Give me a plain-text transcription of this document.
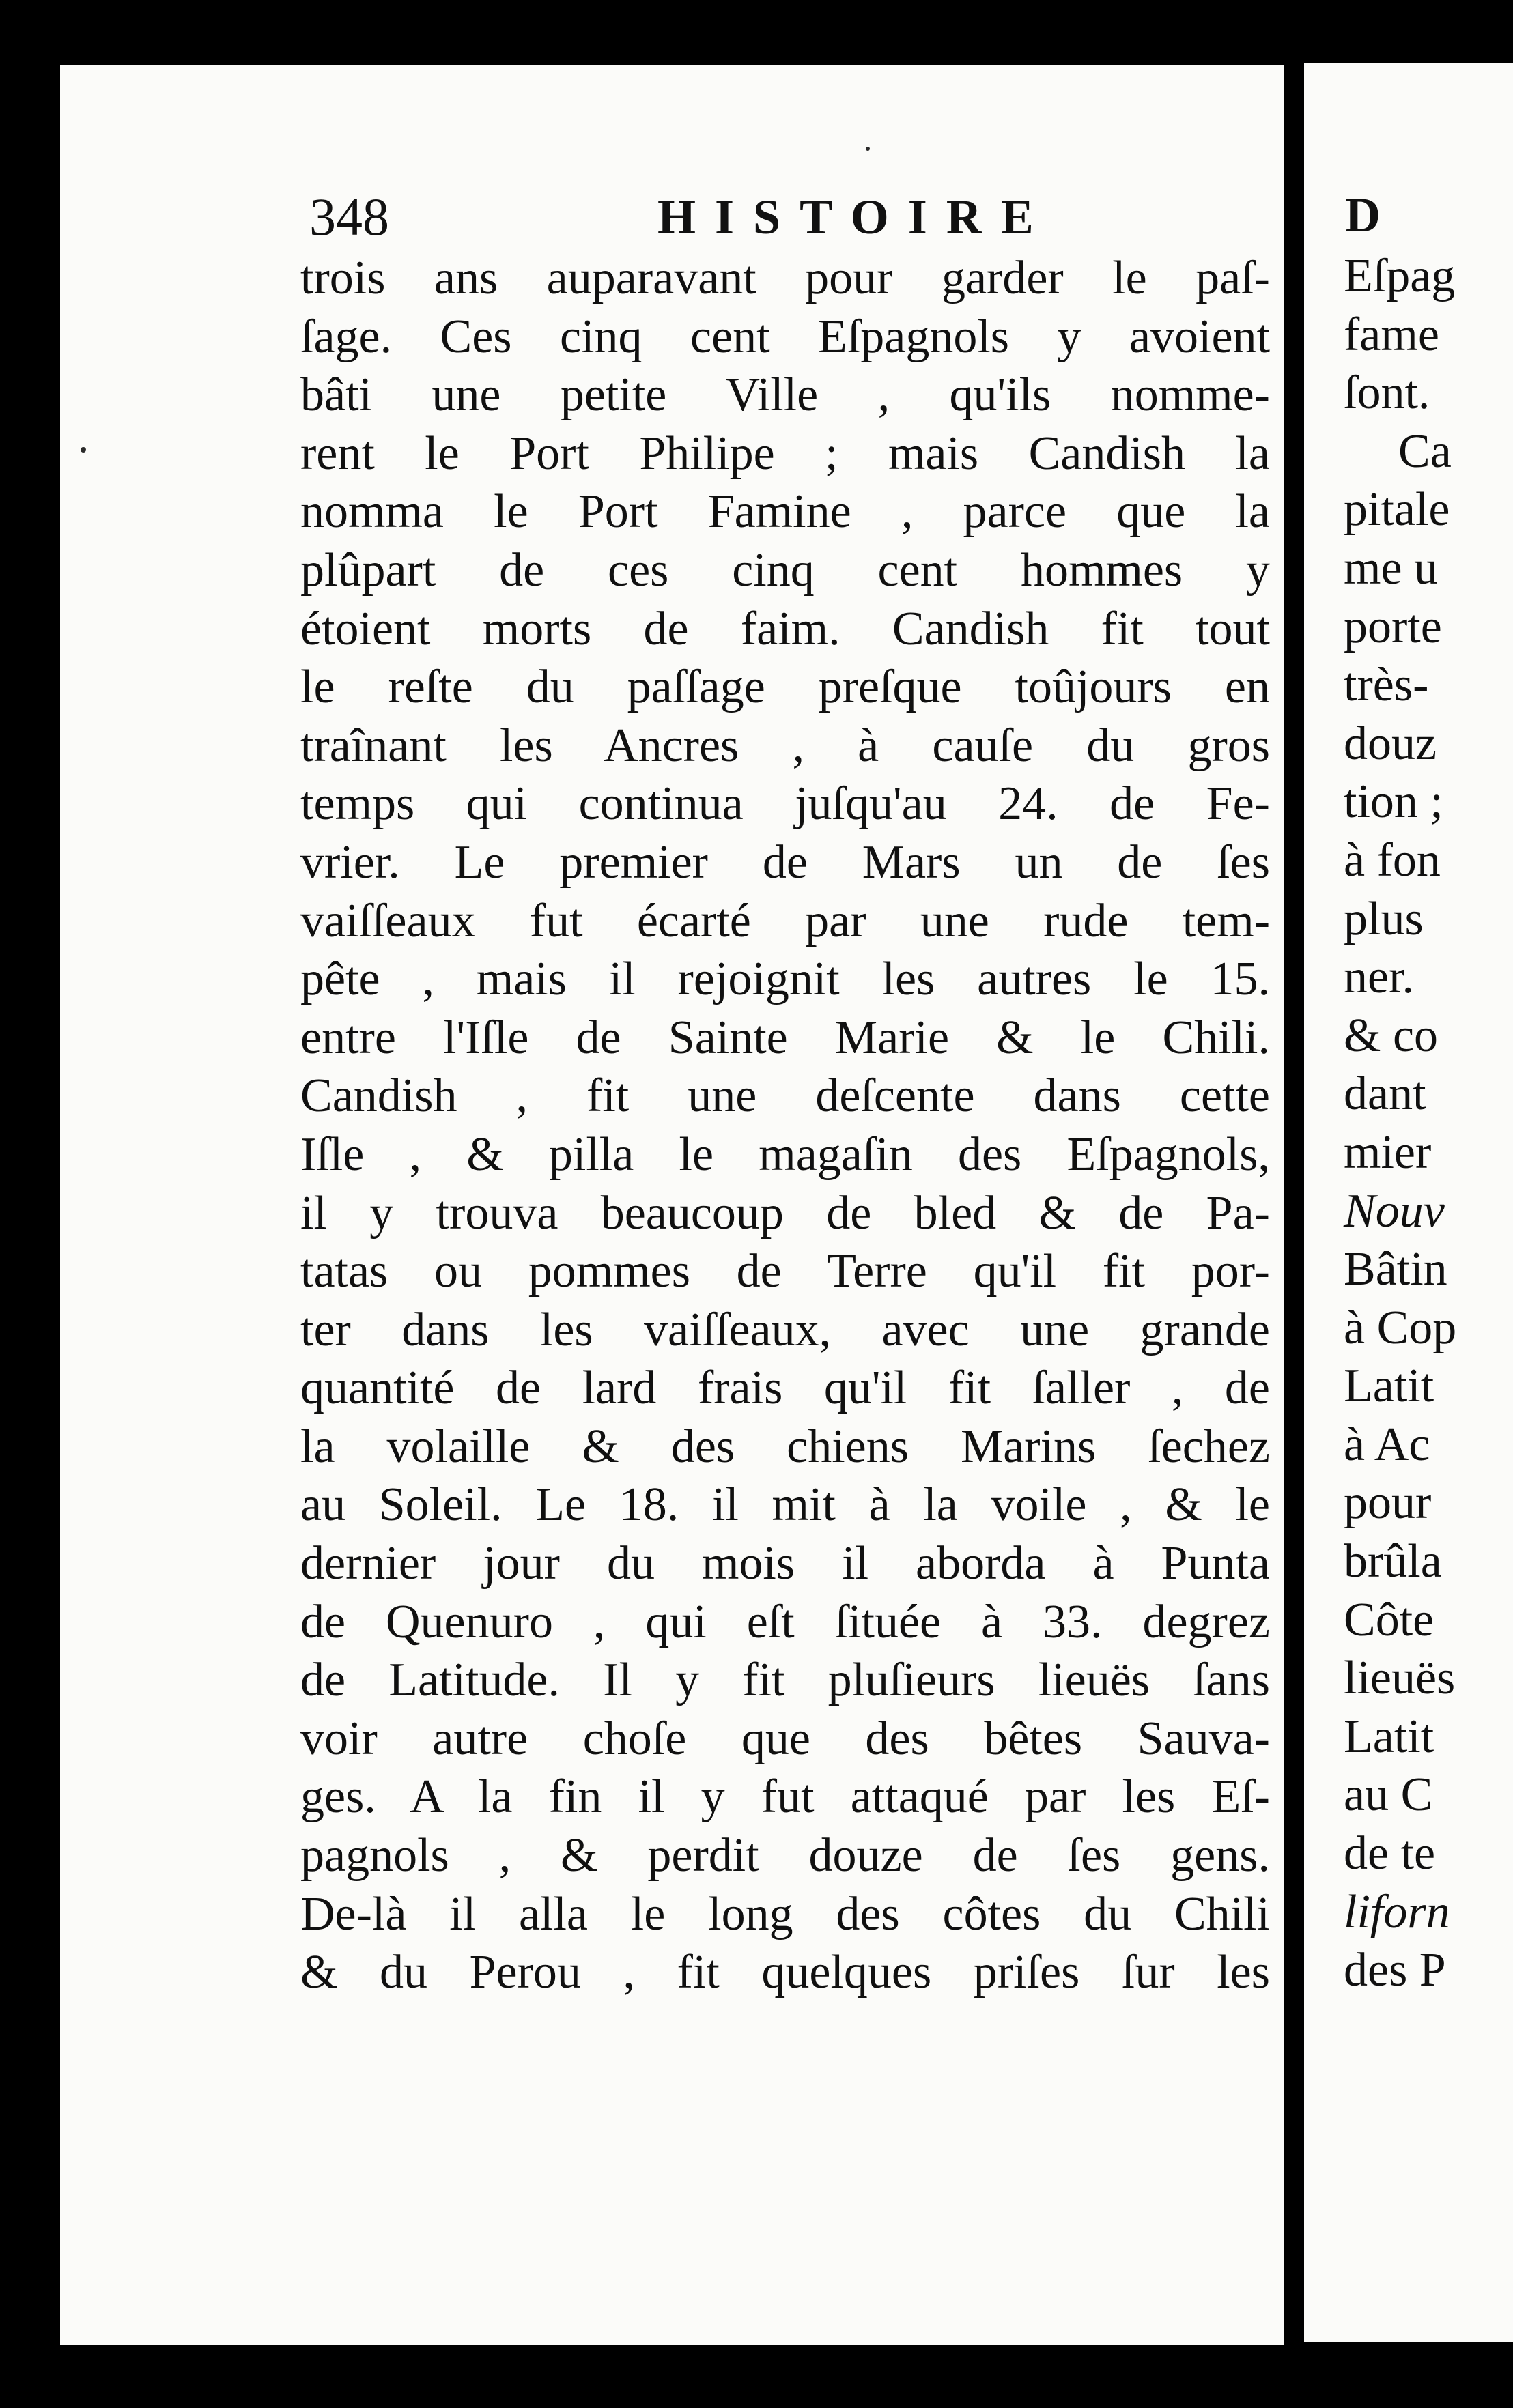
348	HISTOIRE
trois ans auparavant pour garder le paſ-
ſage. Ces cinq cent Eſpagnols y avoient
bâti une petite Ville , qu'ils nomme-
rent le Port Philipe ; mais Candish la
nomma le Port Famine , parce que la
plûpart de ces cinq cent hommes y
étoient morts de faim. Candish fit tout
le reſte du paſſage preſque toûjours en
traînant les Ancres , à cauſe du gros
temps qui continua juſqu'au 24. de Fe-
vrier. Le premier de Mars un de ſes
vaiſſeaux fut écarté par une rude tem-
pête , mais il rejoignit les autres le 15.
entre l'Iſle de Sainte Marie & le Chili.
Candish , fit une deſcente dans cette
Iſle , & pilla le magaſin des Eſpagnols,
il y trouva beaucoup de bled & de Pa-
tatas ou pommes de Terre qu'il fit por-
ter dans les vaiſſeaux, avec une grande
quantité de lard frais qu'il fit ſaller , de
la volaille & des chiens Marins ſechez
au Soleil. Le 18. il mit à la voile , & le
dernier jour du mois il aborda à Punta
de Quenuro , qui eſt ſituée à 33. degrez
de Latitude. Il y fit pluſieurs lieuës ſans
voir autre choſe que des bêtes Sauva-
ges. A la fin il y fut attaqué par les Eſ-
pagnols , & perdit douze de ſes gens.
De-là il alla le long des côtes du Chili
& du Perou , fit quelques priſes ſur les
D
Eſpag
fame
ſont.
Ca
pitale
me u
porte
très-
douz
tion ;
à fon
plus
ner.
& co
dant
mier
Nouv
Bâtin
à Cop
Latit
à Ac
pour
brûla
Côte
lieuës
Latit
au C
de te
liforn
des P
